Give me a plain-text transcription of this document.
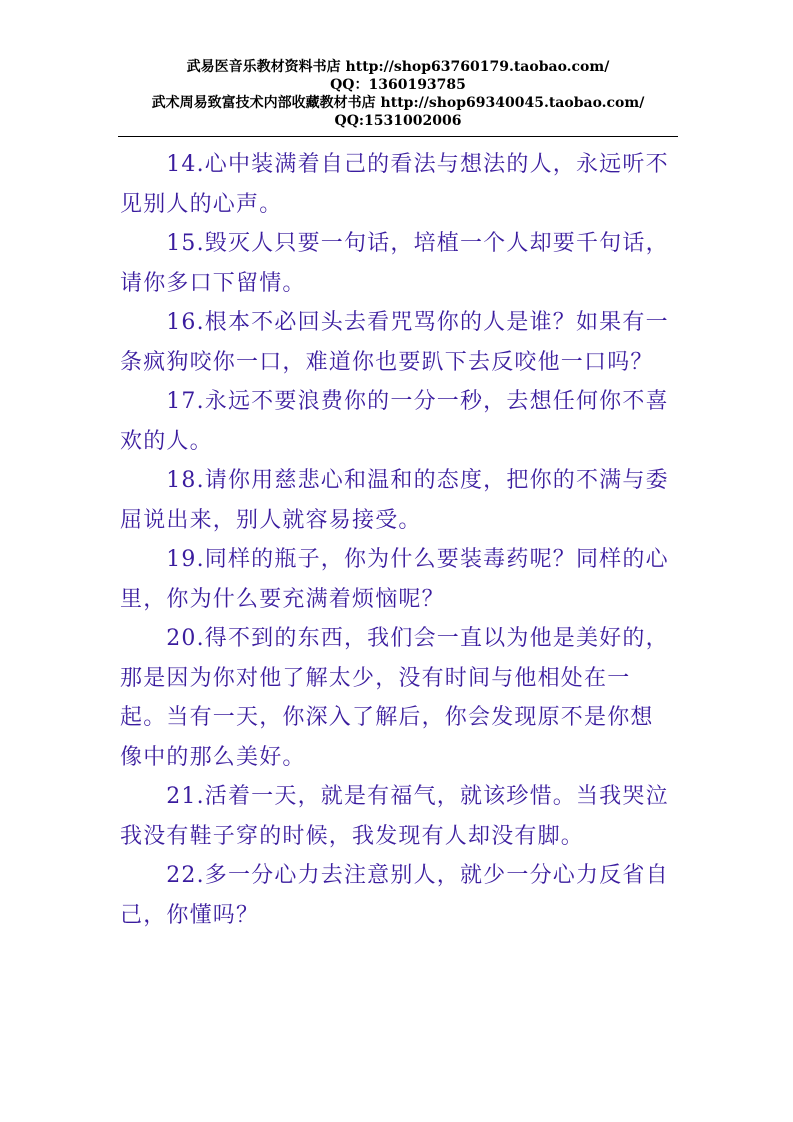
武易医音乐教材资料书店 http://shop63760179.taobao.com/
QQ：1360193785
武术周易致富技术内部收藏教材书店 http://shop69340045.taobao.com/
QQ:1531002006

14.心中装满着自己的看法与想法的人，永远听不见别人的心声。

15.毁灭人只要一句话，培植一个人却要千句话，请你多口下留情。

16.根本不必回头去看咒骂你的人是谁？如果有一条疯狗咬你一口，难道你也要趴下去反咬他一口吗？

17.永远不要浪费你的一分一秒，去想任何你不喜欢的人。

18.请你用慈悲心和温和的态度，把你的不满与委屈说出来，别人就容易接受。

19.同样的瓶子，你为什么要装毒药呢？同样的心里，你为什么要充满着烦恼呢？

20.得不到的东西，我们会一直以为他是美好的，那是因为你对他了解太少，没有时间与他相处在一起。当有一天，你深入了解后，你会发现原不是你想像中的那么美好。

21.活着一天，就是有福气，就该珍惜。当我哭泣我没有鞋子穿的时候，我发现有人却没有脚。

22.多一分心力去注意别人，就少一分心力反省自己，你懂吗？
